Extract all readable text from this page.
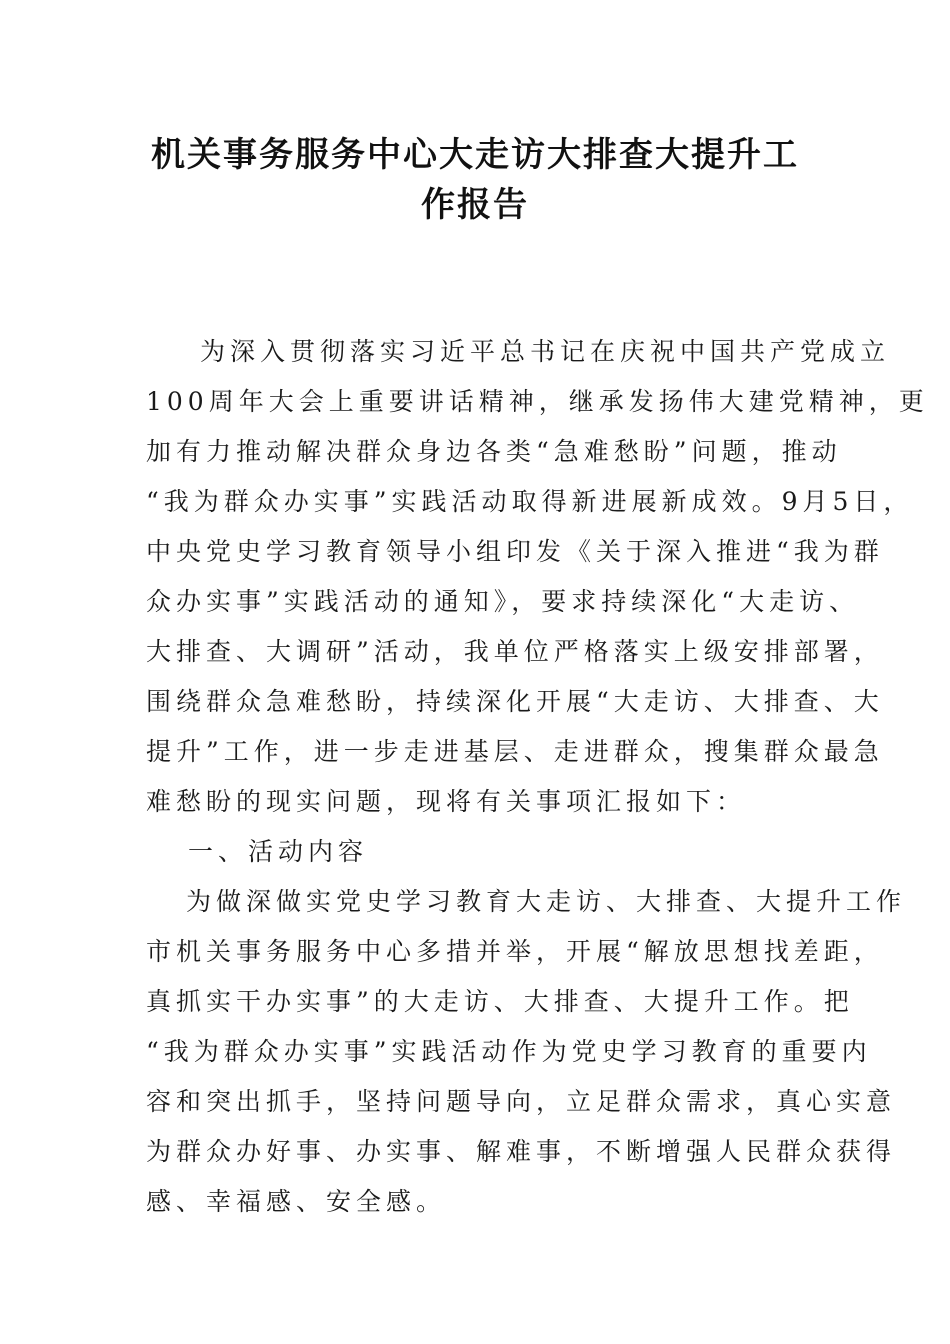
机关事务服务中心大走访大排查大提升工
作报告

为深入贯彻落实习近平总书记在庆祝中国共产党成立

100周年大会上重要讲话精神，继承发扬伟大建党精神，更

加有力推动解决群众身边各类“急难愁盼”问题，推动

“我为群众办实事”实践活动取得新进展新成效。9月5日，

中央党史学习教育领导小组印发《关于深入推进“我为群

众办实事”实践活动的通知》，要求持续深化“大走访、

大排查、大调研”活动，我单位严格落实上级安排部署，

围绕群众急难愁盼，持续深化开展“大走访、大排查、大

提升”工作，进一步走进基层、走进群众，搜集群众最急

难愁盼的现实问题，现将有关事项汇报如下：

一、活动内容

为做深做实党史学习教育大走访、大排查、大提升工作

市机关事务服务中心多措并举，开展“解放思想找差距，

真抓实干办实事”的大走访、大排查、大提升工作。把

“我为群众办实事”实践活动作为党史学习教育的重要内

容和突出抓手，坚持问题导向，立足群众需求，真心实意

为群众办好事、办实事、解难事，不断增强人民群众获得

感、幸福感、安全感。
